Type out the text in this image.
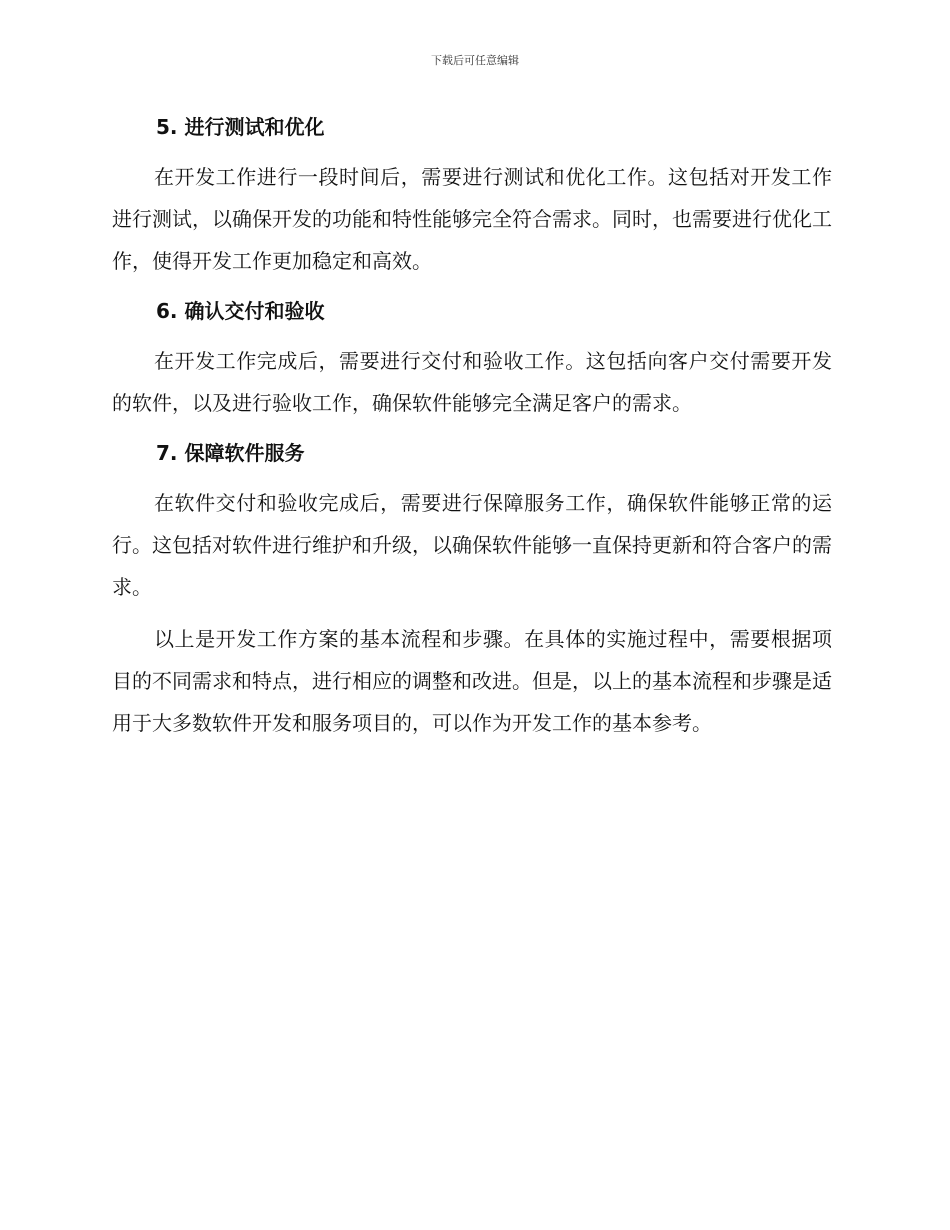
下载后可任意编辑
5. 进行测试和优化

在开发工作进行一段时间后，需要进行测试和优化工作。这包括对开发工作进行测试，以确保开发的功能和特性能够完全符合需求。同时，也需要进行优化工作，使得开发工作更加稳定和高效。

6. 确认交付和验收

在开发工作完成后，需要进行交付和验收工作。这包括向客户交付需要开发的软件，以及进行验收工作，确保软件能够完全满足客户的需求。

7. 保障软件服务

在软件交付和验收完成后，需要进行保障服务工作，确保软件能够正常的运行。这包括对软件进行维护和升级，以确保软件能够一直保持更新和符合客户的需求。

以上是开发工作方案的基本流程和步骤。在具体的实施过程中，需要根据项目的不同需求和特点，进行相应的调整和改进。但是，以上的基本流程和步骤是适用于大多数软件开发和服务项目的，可以作为开发工作的基本参考。
